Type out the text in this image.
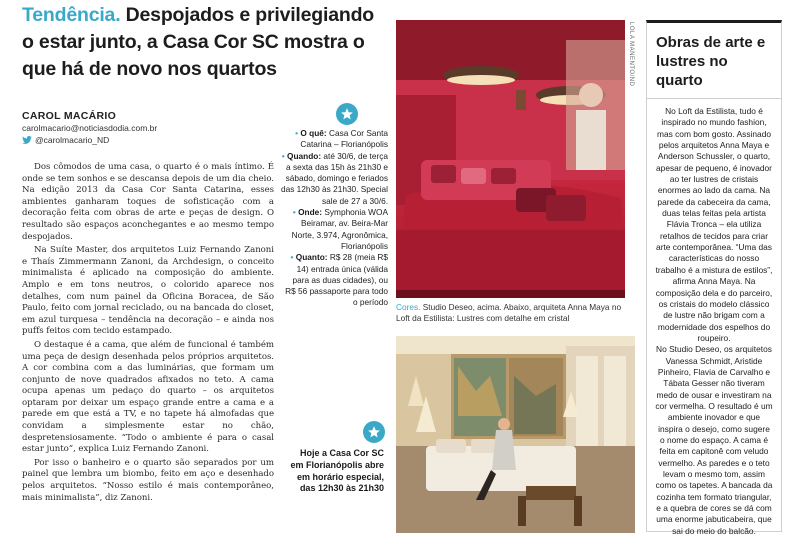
Tendência. Despojados e privilegiando o estar junto, a Casa Cor SC mostra o que há de novo nos quartos
CAROL MACÁRIO
carolmacario@noticiasdodia.com.br
@carolmacario_ND

Dos cômodos de uma casa, o quarto é o mais íntimo. É onde se tem sonhos e se descansa depois de um dia cheio. Na edição 2013 da Casa Cor Santa Catarina, esses ambientes ganharam toques de sofisticação com a decoração feita com obras de arte e peças de design. O resultado são espaços aconchegantes e ao mesmo tempo despojados.

Na Suíte Master, dos arquitetos Luiz Fernando Zanoni e Thaís Zimmermann Zanoni, da Archdesign, o conceito minimalista é aplicado na composição do ambiente. Amplo e em tons neutros, o colorido aparece nos detalhes, com num painel da Oficina Boracea, de São Paulo, feito com jornal reciclado, ou na bancada do closet, em azul turquesa – tendência na decoração – e ainda nos puffs feitos com tecido estampado.

O destaque é a cama, que além de funcional é também uma peça de design desenhada pelos próprios arquitetos. A cor combina com a das luminárias, que formam um conjunto de nove quadrados afixados no teto. A cama ocupa apenas um pedaço do quarto – os arquitetos optaram por deixar um espaço grande entre a cama e a parede em que está a TV, e no tapete há almofadas que convidam a simplesmente estar no chão, despretensiosamente. “Todo o ambiente é para o casal estar junto”, explica Luiz Fernando Zanoni.

Por isso o banheiro e o quarto são separados por um painel que lembra um biombo, feito em aço e desenhado pelos arquitetos. “Nosso estilo é mais contemporâneo, mais minimalista”, diz Zanoni.

• O quê: Casa Cor Santa Catarina – Florianópolis
• Quando: até 30/6, de terça a sexta das 15h às 21h30 e sábado, domingo e feriados das 12h30 às 21h30. Special sale de 27 a 30/6.
• Onde: Symphonia WOA Beiramar, av. Beira-Mar Norte, 3.974, Agronômica, Florianópolis
• Quanto: R$ 28 (meia R$ 14) entrada única (válida para as duas cidades), ou R$ 56 passaporte para todo o período
Hoje a Casa Cor SC em Florianópolis abre em horário especial, das 12h30 às 21h30
LOLA MANENTO/ND
Cores. Studio Deseo, acima. Abaixo, arquiteta Anna Maya no Loft da Estilista: Lustres com detalhe em cristal
Obras de arte e lustres no quarto

No Loft da Estilista, tudo é inspirado no mundo fashion, mas com bom gosto. Assinado pelos arquitetos Anna Maya e Anderson Schussler, o quarto, apesar de pequeno, é inovador ao ter lustres de cristais enormes ao lado da cama. Na parede da cabeceira da cama, duas telas feitas pela artista Flávia Tronca – ela utiliza retalhos de tecidos para criar arte contemporânea. “Uma das características do nosso trabalho é a mistura de estilos”, afirma Anna Maya. Na composição dela e do parceiro, os cristais do modelo clássico de lustre não brigam com a modernidade dos espelhos do roupeiro.

No Studio Deseo, os arquitetos Vanessa Schmidt, Aristide Pinheiro, Flavia de Carvalho e Tábata Gesser não tiveram medo de ousar e investiram na cor vermelha. O resultado é um ambiente inovador e que inspira o desejo, como sugere o nome do espaço. A cama é feita em capitonê com veludo vermelho. As paredes e o teto levam o mesmo tom, assim como os tapetes. A bancada da cozinha tem formato triangular, e a quebra de cores se dá com uma enorme jabuticabeira, que sai do meio do balcão.
